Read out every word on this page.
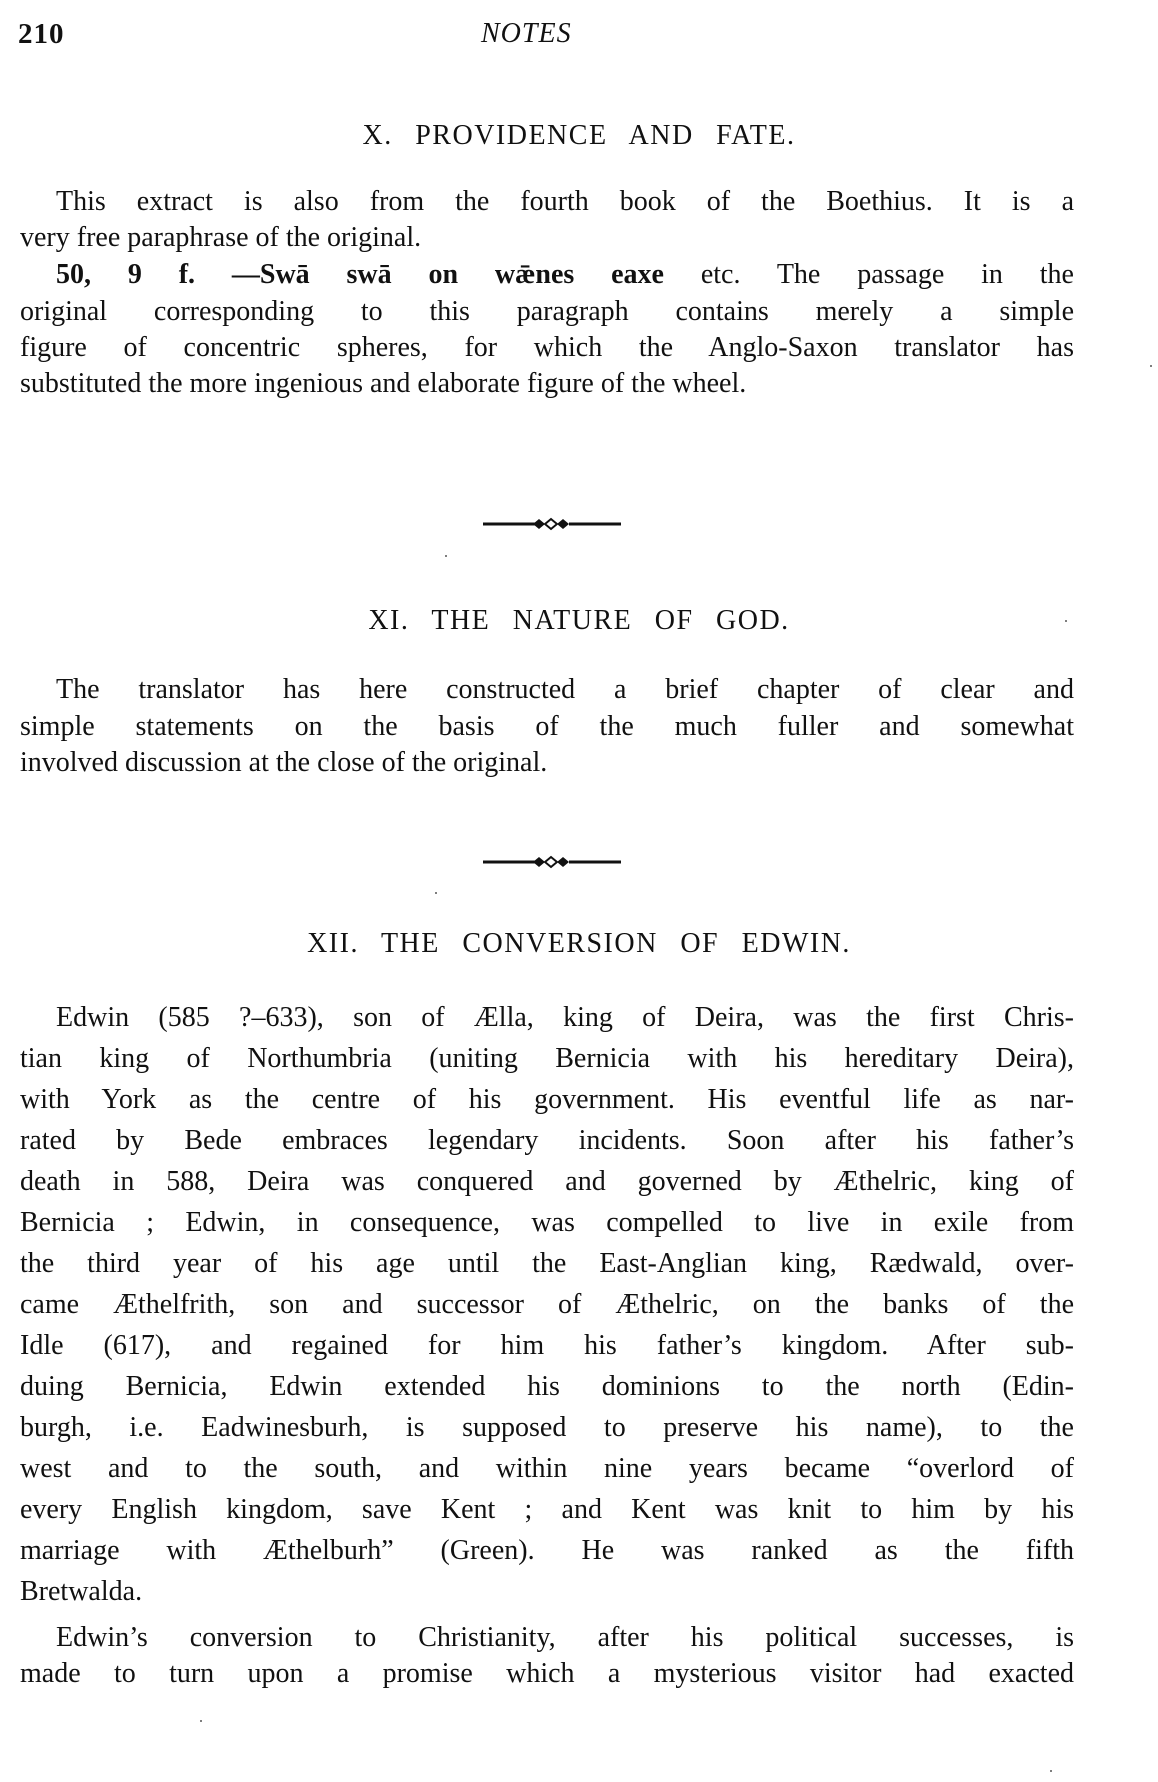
210	NOTES
X. PROVIDENCE AND FATE.
This extract is also from the fourth book of the Boethius. It is a
very free paraphrase of the original.
50, 9 f. —Swā swā on wǣnes eaxe etc. The passage in the
original corresponding to this paragraph contains merely a simple
figure of concentric spheres, for which the Anglo-Saxon translator has
substituted the more ingenious and elaborate figure of the wheel.
XI. THE NATURE OF GOD.
The translator has here constructed a brief chapter of clear and
simple statements on the basis of the much fuller and somewhat
involved discussion at the close of the original.
XII. THE CONVERSION OF EDWIN.
Edwin (585 ?–633), son of Ælla, king of Deira, was the first Chris-
tian king of Northumbria (uniting Bernicia with his hereditary Deira),
with York as the centre of his government. His eventful life as nar-
rated by Bede embraces legendary incidents. Soon after his father’s
death in 588, Deira was conquered and governed by Æthelric, king of
Bernicia ; Edwin, in consequence, was compelled to live in exile from
the third year of his age until the East-Anglian king, Rædwald, over-
came Æthelfrith, son and successor of Æthelric, on the banks of the
Idle (617), and regained for him his father’s kingdom. After sub-
duing Bernicia, Edwin extended his dominions to the north (Edin-
burgh, i.e. Eadwinesburh, is supposed to preserve his name), to the
west and to the south, and within nine years became “overlord of
every English kingdom, save Kent ; and Kent was knit to him by his
marriage with Æthelburh” (Green). He was ranked as the fifth
Bretwalda.
Edwin’s conversion to Christianity, after his political successes, is
made to turn upon a promise which a mysterious visitor had exacted
